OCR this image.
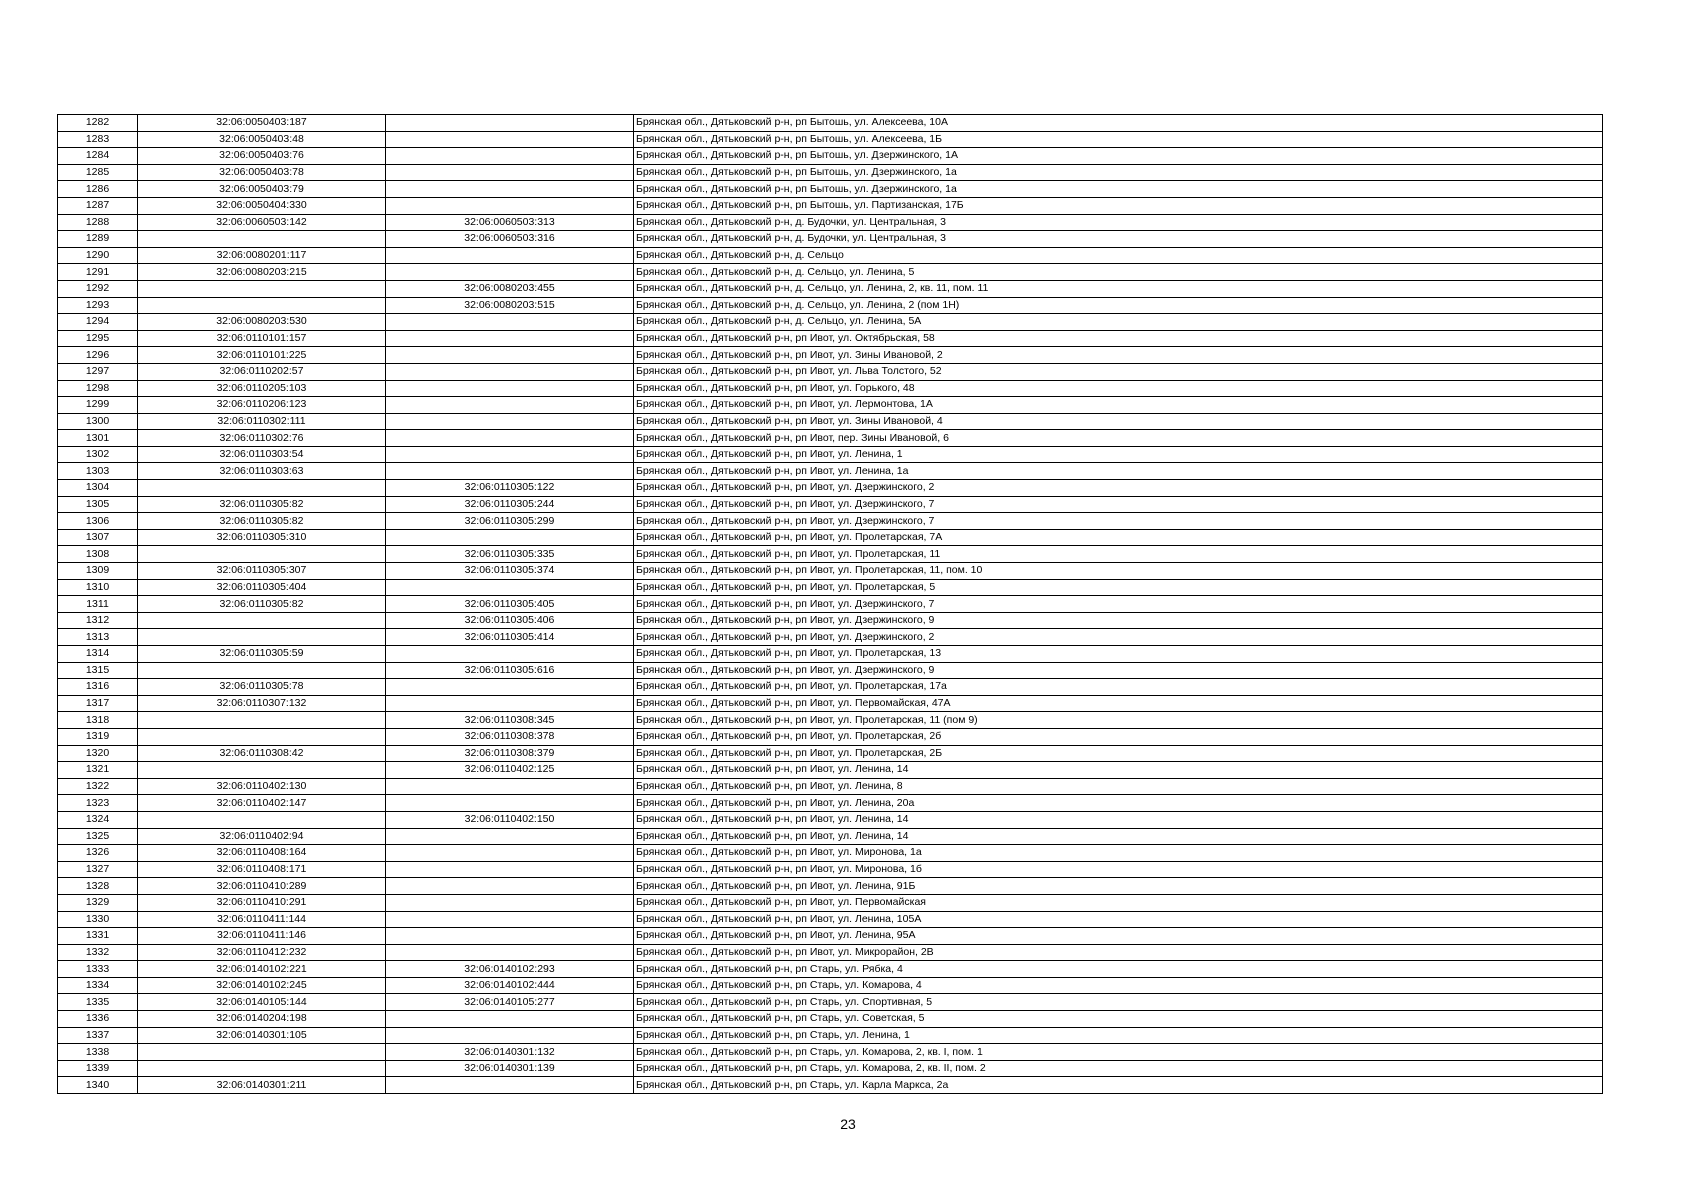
1282	32:06:0050403:187		Брянская обл., Дятьковский р-н, рп Бытошь, ул. Алексеева, 10А
1283	32:06:0050403:48		Брянская обл., Дятьковский р-н, рп Бытошь, ул. Алексеева, 1Б
1284	32:06:0050403:76		Брянская обл., Дятьковский р-н, рп Бытошь, ул. Дзержинского, 1А
1285	32:06:0050403:78		Брянская обл., Дятьковский р-н, рп Бытошь, ул. Дзержинского, 1а
1286	32:06:0050403:79		Брянская обл., Дятьковский р-н, рп Бытошь, ул. Дзержинского, 1а
1287	32:06:0050404:330		Брянская обл., Дятьковский р-н, рп Бытошь, ул. Партизанская, 17Б
1288	32:06:0060503:142	32:06:0060503:313	Брянская обл., Дятьковский р-н, д. Будочки, ул. Центральная, 3
1289		32:06:0060503:316	Брянская обл., Дятьковский р-н, д. Будочки, ул. Центральная, 3
1290	32:06:0080201:117		Брянская обл., Дятьковский р-н, д. Сельцо
1291	32:06:0080203:215		Брянская обл., Дятьковский р-н, д. Сельцо, ул. Ленина, 5
1292		32:06:0080203:455	Брянская обл., Дятьковский р-н, д. Сельцо, ул. Ленина, 2, кв. 11, пом. 11
1293		32:06:0080203:515	Брянская обл., Дятьковский р-н, д. Сельцо, ул. Ленина, 2 (пом 1Н)
1294	32:06:0080203:530		Брянская обл., Дятьковский р-н, д. Сельцо, ул. Ленина, 5А
1295	32:06:0110101:157		Брянская обл., Дятьковский р-н, рп Ивот, ул. Октябрьская, 58
1296	32:06:0110101:225		Брянская обл., Дятьковский р-н, рп Ивот, ул. Зины Ивановой, 2
1297	32:06:0110202:57		Брянская обл., Дятьковский р-н, рп Ивот, ул. Льва Толстого, 52
1298	32:06:0110205:103		Брянская обл., Дятьковский р-н, рп Ивот, ул. Горького, 48
1299	32:06:0110206:123		Брянская обл., Дятьковский р-н, рп Ивот, ул. Лермонтова, 1А
1300	32:06:0110302:111		Брянская обл., Дятьковский р-н, рп Ивот, ул. Зины Ивановой, 4
1301	32:06:0110302:76		Брянская обл., Дятьковский р-н, рп Ивот, пер. Зины Ивановой, 6
1302	32:06:0110303:54		Брянская обл., Дятьковский р-н, рп Ивот, ул. Ленина, 1
1303	32:06:0110303:63		Брянская обл., Дятьковский р-н, рп Ивот, ул. Ленина, 1а
1304		32:06:0110305:122	Брянская обл., Дятьковский р-н, рп Ивот, ул. Дзержинского, 2
1305	32:06:0110305:82	32:06:0110305:244	Брянская обл., Дятьковский р-н, рп Ивот, ул. Дзержинского, 7
1306	32:06:0110305:82	32:06:0110305:299	Брянская обл., Дятьковский р-н, рп Ивот, ул. Дзержинского, 7
1307	32:06:0110305:310		Брянская обл., Дятьковский р-н, рп Ивот, ул. Пролетарская, 7А
1308		32:06:0110305:335	Брянская обл., Дятьковский р-н, рп Ивот, ул. Пролетарская, 11
1309	32:06:0110305:307	32:06:0110305:374	Брянская обл., Дятьковский р-н, рп Ивот, ул. Пролетарская, 11, пом. 10
1310	32:06:0110305:404		Брянская обл., Дятьковский р-н, рп Ивот, ул. Пролетарская, 5
1311	32:06:0110305:82	32:06:0110305:405	Брянская обл., Дятьковский р-н, рп Ивот, ул. Дзержинского, 7
1312		32:06:0110305:406	Брянская обл., Дятьковский р-н, рп Ивот, ул. Дзержинского, 9
1313		32:06:0110305:414	Брянская обл., Дятьковский р-н, рп Ивот, ул. Дзержинского, 2
1314	32:06:0110305:59		Брянская обл., Дятьковский р-н, рп Ивот, ул. Пролетарская, 13
1315		32:06:0110305:616	Брянская обл., Дятьковский р-н, рп Ивот, ул. Дзержинского, 9
1316	32:06:0110305:78		Брянская обл., Дятьковский р-н, рп Ивот, ул. Пролетарская, 17а
1317	32:06:0110307:132		Брянская обл., Дятьковский р-н, рп Ивот, ул. Первомайская, 47А
1318		32:06:0110308:345	Брянская обл., Дятьковский р-н, рп Ивот, ул. Пролетарская, 11 (пом 9)
1319		32:06:0110308:378	Брянская обл., Дятьковский р-н, рп Ивот, ул. Пролетарская, 2б
1320	32:06:0110308:42	32:06:0110308:379	Брянская обл., Дятьковский р-н, рп Ивот, ул. Пролетарская, 2Б
1321		32:06:0110402:125	Брянская обл., Дятьковский р-н, рп Ивот, ул. Ленина, 14
1322	32:06:0110402:130		Брянская обл., Дятьковский р-н, рп Ивот, ул. Ленина, 8
1323	32:06:0110402:147		Брянская обл., Дятьковский р-н, рп Ивот, ул. Ленина, 20а
1324		32:06:0110402:150	Брянская обл., Дятьковский р-н, рп Ивот, ул. Ленина, 14
1325	32:06:0110402:94		Брянская обл., Дятьковский р-н, рп Ивот, ул. Ленина, 14
1326	32:06:0110408:164		Брянская обл., Дятьковский р-н, рп Ивот, ул. Миронова, 1а
1327	32:06:0110408:171		Брянская обл., Дятьковский р-н, рп Ивот, ул. Миронова, 1б
1328	32:06:0110410:289		Брянская обл., Дятьковский р-н, рп Ивот, ул. Ленина, 91Б
1329	32:06:0110410:291		Брянская обл., Дятьковский р-н, рп Ивот, ул. Первомайская
1330	32:06:0110411:144		Брянская обл., Дятьковский р-н, рп Ивот, ул. Ленина, 105А
1331	32:06:0110411:146		Брянская обл., Дятьковский р-н, рп Ивот, ул. Ленина, 95А
1332	32:06:0110412:232		Брянская обл., Дятьковский р-н, рп Ивот, ул. Микрорайон, 2В
1333	32:06:0140102:221	32:06:0140102:293	Брянская обл., Дятьковский р-н, рп Старь, ул. Рябка, 4
1334	32:06:0140102:245	32:06:0140102:444	Брянская обл., Дятьковский р-н, рп Старь, ул. Комарова, 4
1335	32:06:0140105:144	32:06:0140105:277	Брянская обл., Дятьковский р-н, рп Старь, ул. Спортивная, 5
1336	32:06:0140204:198		Брянская обл., Дятьковский р-н, рп Старь, ул. Советская, 5
1337	32:06:0140301:105		Брянская обл., Дятьковский р-н, рп Старь, ул. Ленина, 1
1338		32:06:0140301:132	Брянская обл., Дятьковский р-н, рп Старь, ул. Комарова, 2, кв. I, пом. 1
1339		32:06:0140301:139	Брянская обл., Дятьковский р-н, рп Старь, ул. Комарова, 2, кв. II, пом. 2
1340	32:06:0140301:211		Брянская обл., Дятьковский р-н, рп Старь, ул. Карла Маркса, 2а
23
